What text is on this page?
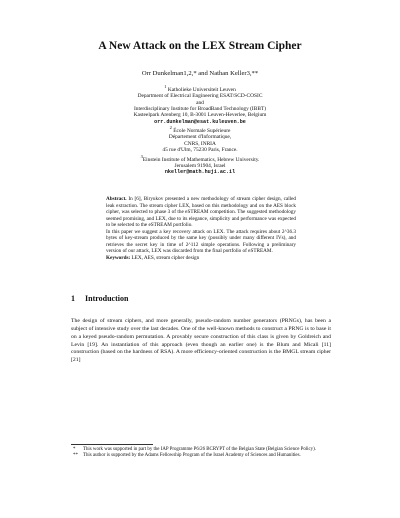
A New Attack on the LEX Stream Cipher
Orr Dunkelman1,2,* and Nathan Keller3,**
$^1$ Katholieke Universiteit Leuven
Department of Electrical Engineering ESAT/SCD-COSIC
and
Interdisciplinary Institute for BroadBand Technology (IBBT)
Kasteelpark Arenberg 10, B-3001 Leuven-Heverlee, Belgium
orr.dunkelman@esat.kuleuven.be
$^2$ École Normale Supérieure
Département d'Informatique,
CNRS, INRIA
45 rue d'Ulm, 75230 Paris, France.
$^3$Einstein Institute of Mathematics, Hebrew University.
Jerusalem 91904, Israel
nkeller@math.huji.ac.il

Abstract. In [6], Biryukov presented a new methodology of stream cipher design, called leak extraction. The stream cipher LEX, based on this methodology and on the AES block cipher, was selected to phase 3 of the eSTREAM competition. The suggested methodology seemed promising, and LEX, due to its elegance, simplicity and performance was expected to be selected to the eSTREAM portfolio.

In this paper we suggest a key recovery attack on LEX. The attack requires about 2^36.3 bytes of key-stream produced by the same key (possibly under many different IVs), and retrieves the secret key in time of 2^112 simple operations. Following a preliminary version of our attack, LEX was discarded from the final portfolio of eSTREAM.

Keywords: LEX, AES, stream cipher design

1 Introduction

The design of stream ciphers, and more generally, pseudo-random number generators (PRNGs), has been a subject of intensive study over the last decades. One of the well-known methods to construct a PRNG is to base it on a keyed pseudo-random permutation. A provably secure construction of this class is given by Goldreich and Levin [19]. An instantiation of this approach (even though an earlier one) is the Blum and Micali [11] construction (based on the hardness of RSA). A more efficiency-oriented construction is the BMGL stream cipher [21]

* This work was supported in part by the IAP Programme P6/26 BCRYPT of the Belgian State (Belgian Science Policy).
** This author is supported by the Adams Fellowship Program of the Israel Academy of Sciences and Humanities.
